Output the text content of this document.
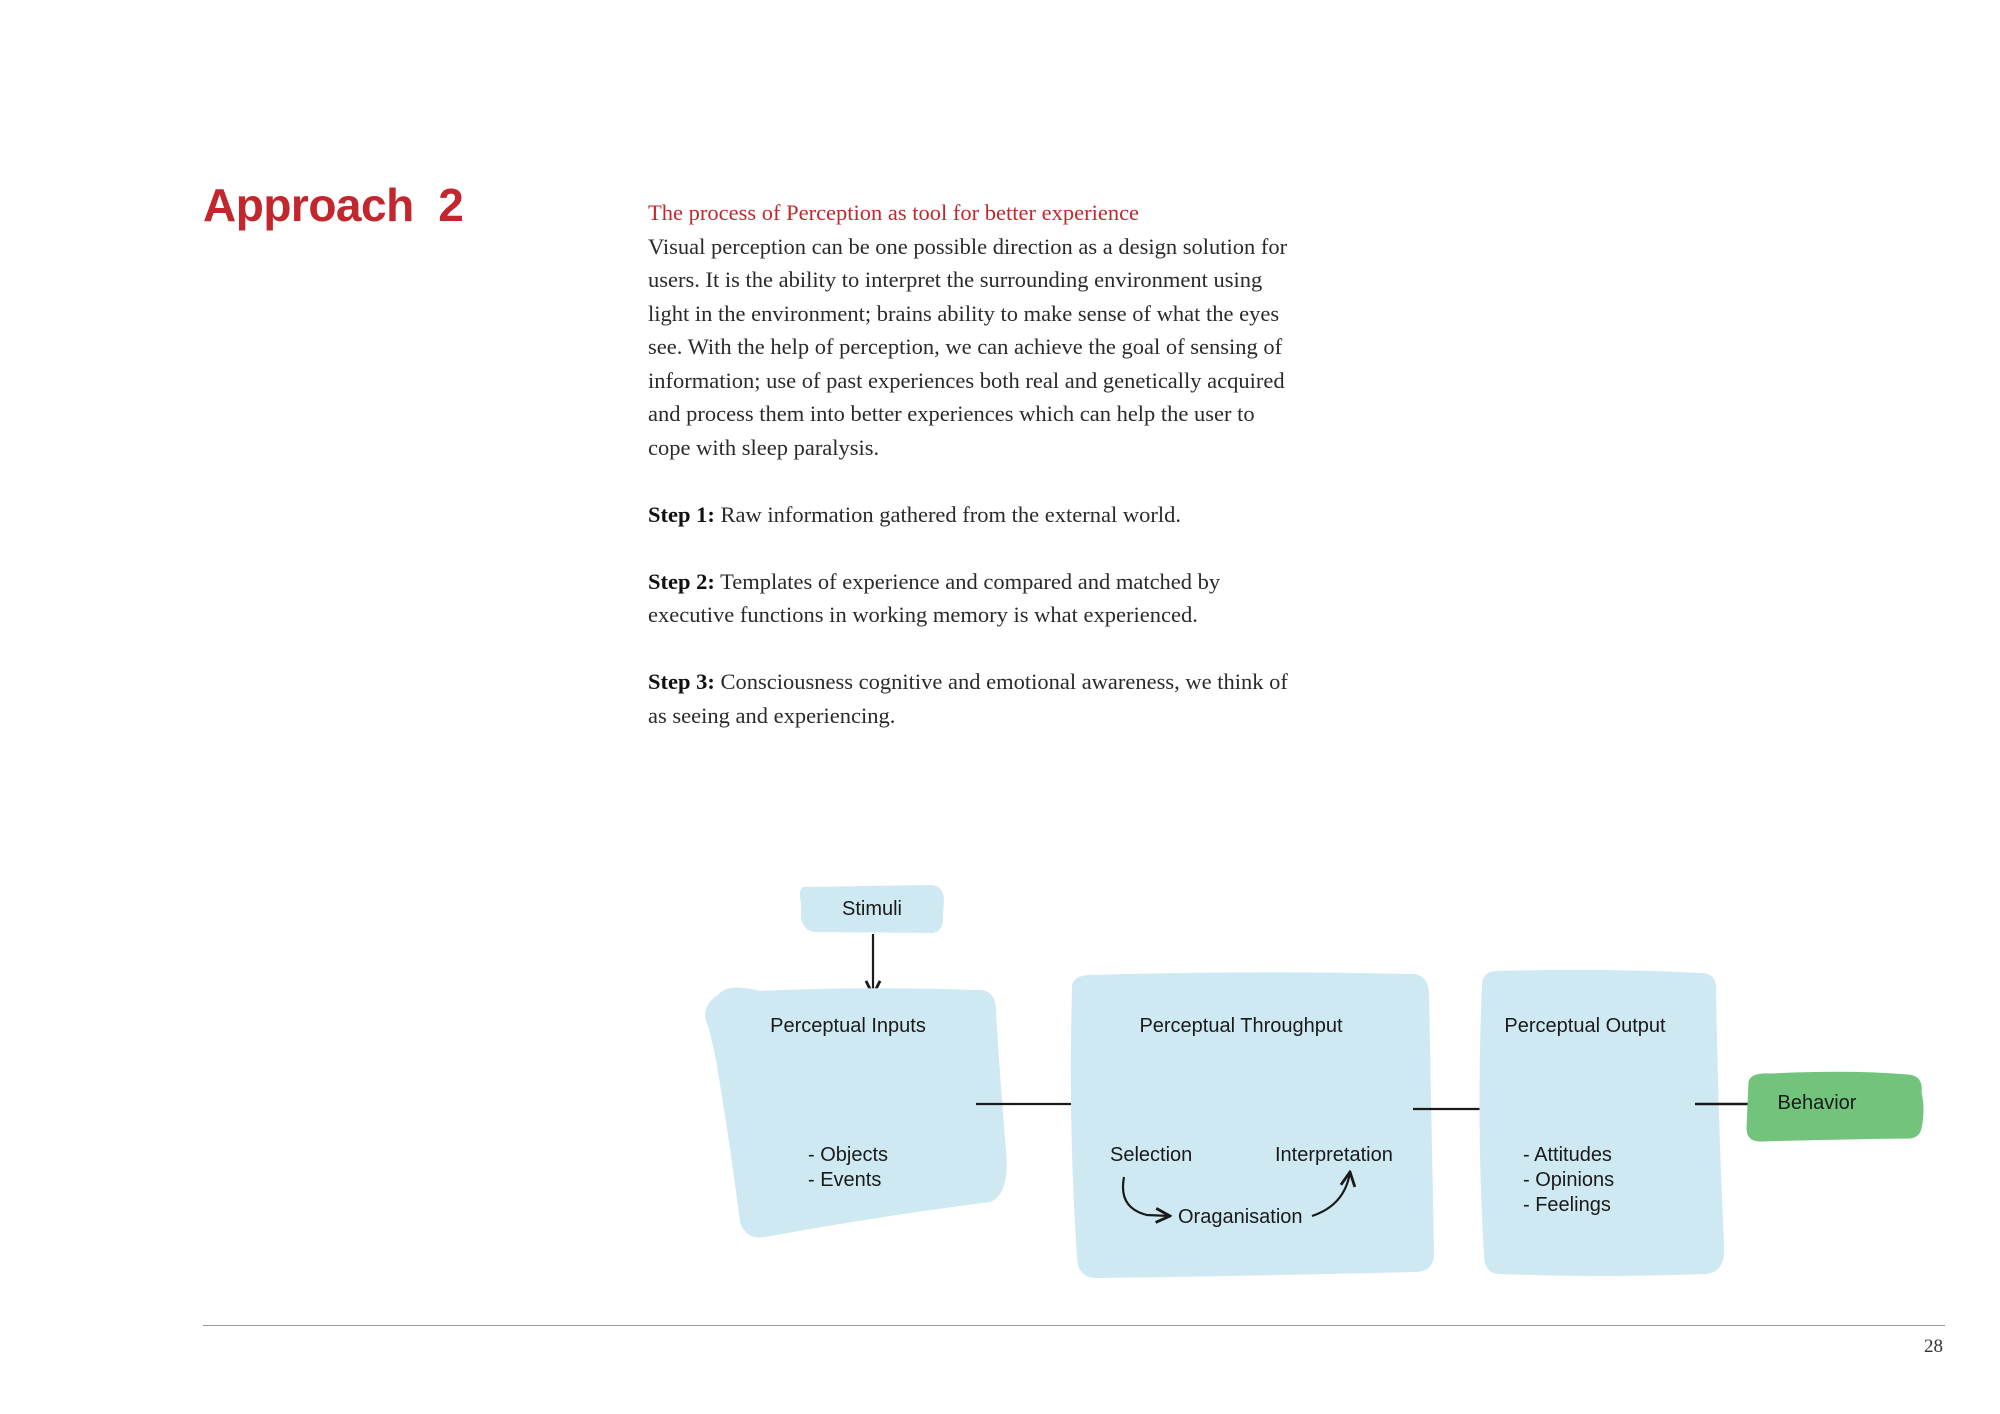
Approach  2	The process of Perception as tool for better experience

Visual perception can be one possible direction as a design solution for users. It is the ability to interpret the surrounding environment using light in the environment; brains ability to make sense of what the eyes see. With the help of perception, we can achieve the goal of sensing of information; use of past experiences both real and genetically acquired and process them into better experiences which can help the user to cope with sleep paralysis.

Step 1: Raw information gathered from the external world.

Step 2: Templates of experience and compared and matched by executive functions in working memory is what experienced.

Step 3: Consciousness cognitive and emotional awareness, we think of as seeing and experiencing.

Stimuli
Perceptual Inputs
- Objects
- Events
Perceptual Throughput
Selection	Interpretation
Oraganisation
Perceptual Output
- Attitudes
- Opinions
- Feelings
Behavior
28
